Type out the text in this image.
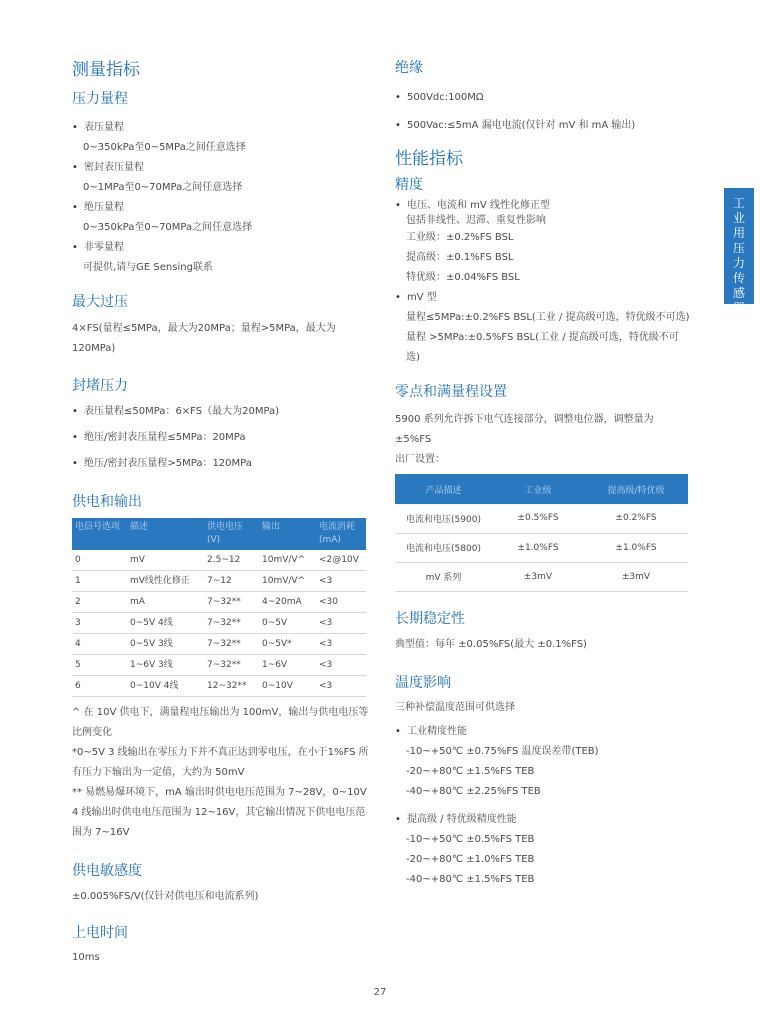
工业用压力传感器
测量指标
压力量程
• 表压量程
0~350kPa至0~5MPa之间任意选择
• 密封表压量程
0~1MPa至0~70MPa之间任意选择
• 绝压量程
0~350kPa至0~70MPa之间任意选择
• 非零量程
可提供,请与GE Sensing联系
最大过压
4×FS(量程≤5MPa，最大为20MPa；量程>5MPa，最大为120MPa)
封堵压力
• 表压量程≤50MPa：6×FS（最大为20MPa)
• 绝压/密封表压量程≤5MPa：20MPa
• 绝压/密封表压量程>5MPa：120MPa
供电和输出
电信号选项	描述	供电电压(V)	输出	电流消耗(mA)
0	mV	2.5~12	10mV/V^	<2@10V
1	mV线性化修正	7~12	10mV/V^	<3
2	mA	7~32**	4~20mA	<30
3	0~5V 4线	7~32**	0~5V	<3
4	0~5V 3线	7~32**	0~5V*	<3
5	1~6V 3线	7~32**	1~6V	<3
6	0~10V 4线	12~32**	0~10V	<3
^ 在 10V 供电下，满量程电压输出为 100mV，输出与供电电压等比例变化
*0~5V 3 线输出在零压力下并不真正达到零电压，在小于1%FS 所有压力下输出为一定值，大约为 50mV
** 易燃易爆环境下，mA 输出时供电电压范围为 7~28V，0~10V 4 线输出时供电电压范围为 12~16V，其它输出情况下供电电压范围为 7~16V
供电敏感度
±0.005%FS/V(仅针对供电压和电流系列)
上电时间
10ms
绝缘
• 500Vdc:100MΩ
• 500Vac:≤5mA 漏电电流(仅针对 mV 和 mA 输出)
性能指标
精度
• 电压、电流和 mV 线性化修正型
包括非线性、迟滞、重复性影响
工业级：±0.2%FS BSL
提高级：±0.1%FS BSL
特优级：±0.04%FS BSL
• mV 型
量程≤5MPa:±0.2%FS BSL(工业 / 提高级可选，特优级不可选)
量程 >5MPa:±0.5%FS BSL(工业 / 提高级可选，特优级不可选)
零点和满量程设置
5900 系列允许拆下电气连接部分，调整电位器，调整量为±5%FS
出厂设置：
产品描述	工业级	提高级/特优级
电流和电压(5900)	±0.5%FS	±0.2%FS
电流和电压(5800)	±1.0%FS	±1.0%FS
mV 系列	±3mV	±3mV
长期稳定性
典型值：每年 ±0.05%FS(最大 ±0.1%FS)
温度影响
三种补偿温度范围可供选择
• 工业精度性能
-10~+50℃ ±0.75%FS 温度误差带(TEB)
-20~+80℃ ±1.5%FS TEB
-40~+80℃ ±2.25%FS TEB
• 提高级 / 特优级精度性能
-10~+50℃ ±0.5%FS TEB
-20~+80℃ ±1.0%FS TEB
-40~+80℃ ±1.5%FS TEB
27
